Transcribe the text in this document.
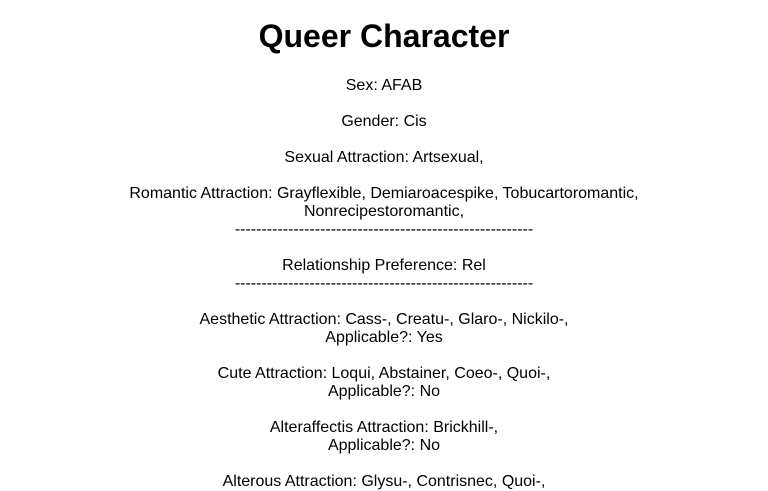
Queer Character

Sex: AFAB

Gender: Cis

Sexual Attraction: Artsexual,

Romantic Attraction: Grayflexible, Demiaroacespike, Tobucartoromantic,

Nonrecipestoromantic,

--------------------------------------------------------

Relationship Preference: Rel

--------------------------------------------------------

Aesthetic Attraction: Cass-, Creatu-, Glaro-, Nickilo-,

Applicable?: Yes

Cute Attraction: Loqui, Abstainer, Coeo-, Quoi-,

Applicable?: No

Alteraffectis Attraction: Brickhill-,

Applicable?: No

Alterous Attraction: Glysu-, Contrisnec, Quoi-,
